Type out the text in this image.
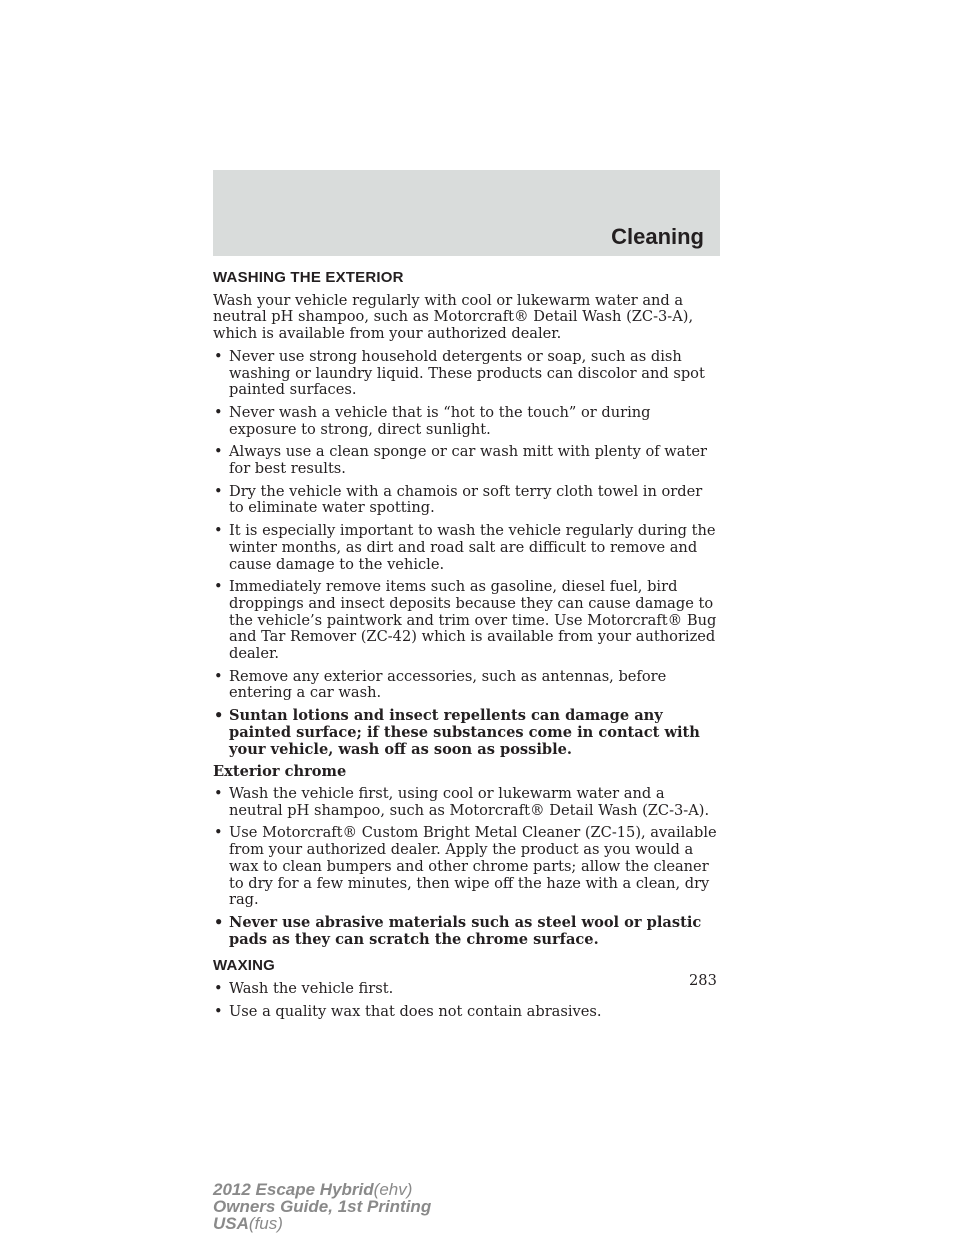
Cleaning
WASHING THE EXTERIOR
Wash your vehicle regularly with cool or lukewarm water and a neutral pH shampoo, such as Motorcraft® Detail Wash (ZC-3-A), which is available from your authorized dealer.
• Never use strong household detergents or soap, such as dish washing or laundry liquid. These products can discolor and spot painted surfaces.
• Never wash a vehicle that is “hot to the touch” or during exposure to strong, direct sunlight.
• Always use a clean sponge or car wash mitt with plenty of water for best results.
• Dry the vehicle with a chamois or soft terry cloth towel in order to eliminate water spotting.
• It is especially important to wash the vehicle regularly during the winter months, as dirt and road salt are difficult to remove and cause damage to the vehicle.
• Immediately remove items such as gasoline, diesel fuel, bird droppings and insect deposits because they can cause damage to the vehicle’s paintwork and trim over time. Use Motorcraft® Bug and Tar Remover (ZC-42) which is available from your authorized dealer.
• Remove any exterior accessories, such as antennas, before entering a car wash.
• Suntan lotions and insect repellents can damage any painted surface; if these substances come in contact with your vehicle, wash off as soon as possible.
Exterior chrome
• Wash the vehicle first, using cool or lukewarm water and a neutral pH shampoo, such as Motorcraft® Detail Wash (ZC-3-A).
• Use Motorcraft® Custom Bright Metal Cleaner (ZC-15), available from your authorized dealer. Apply the product as you would a wax to clean bumpers and other chrome parts; allow the cleaner to dry for a few minutes, then wipe off the haze with a clean, dry rag.
• Never use abrasive materials such as steel wool or plastic pads as they can scratch the chrome surface.
WAXING
• Wash the vehicle first.
• Use a quality wax that does not contain abrasives.
283
2012 Escape Hybrid(ehv)
Owners Guide, 1st Printing
USA(fus)
